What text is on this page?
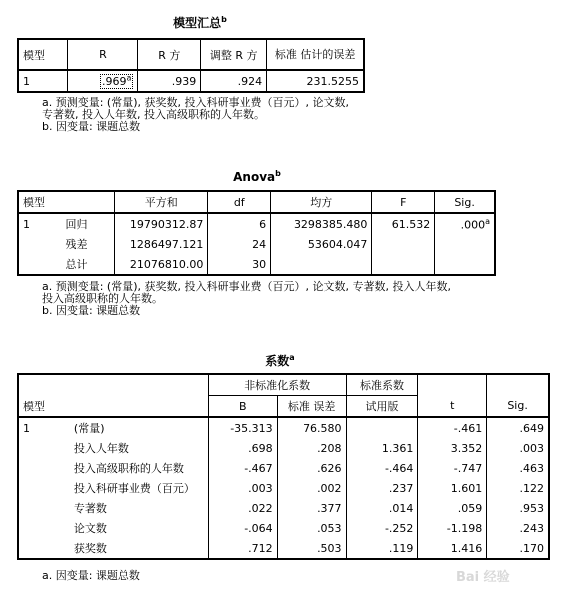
模型汇总$^b$
模型	R	R 方	调整 R 方	标准 估计的误差
1	.969$^a$	.939	.924	231.5255
a. 预测变量: (常量), 获奖数, 投入科研事业费（百元）, 论文数, 专著数, 投入人年数, 投入高级职称的人年数。
b. 因变量: 课题总数
Anova$^b$
模型		平方和	df	均方	F	Sig.
1	回归	19790312.87	6	3298385.480	61.532	.000$^a$
	残差	1286497.121	24	53604.047		
	总计	21076810.00	30			
a. 预测变量: (常量), 获奖数, 投入科研事业费（百元）, 论文数, 专著数, 投入人年数,
投入高级职称的人年数。
b. 因变量: 课题总数
系数$^a$
		非标准化系数		标准系数		
模型		B	标准 误差	试用版	t	Sig.
1	(常量)	-35.313	76.580		-.461	.649
	投入人年数	.698	.208	1.361	3.352	.003
	投入高级职称的人年数	-.467	.626	-.464	-.747	.463
	投入科研事业费（百元）	.003	.002	.237	1.601	.122
	专著数	.022	.377	.014	.059	.953
	论文数	-.064	.053	-.252	-1.198	.243
	获奖数	.712	.503	.119	1.416	.170
a. 因变量: 课题总数	Bai 经验
